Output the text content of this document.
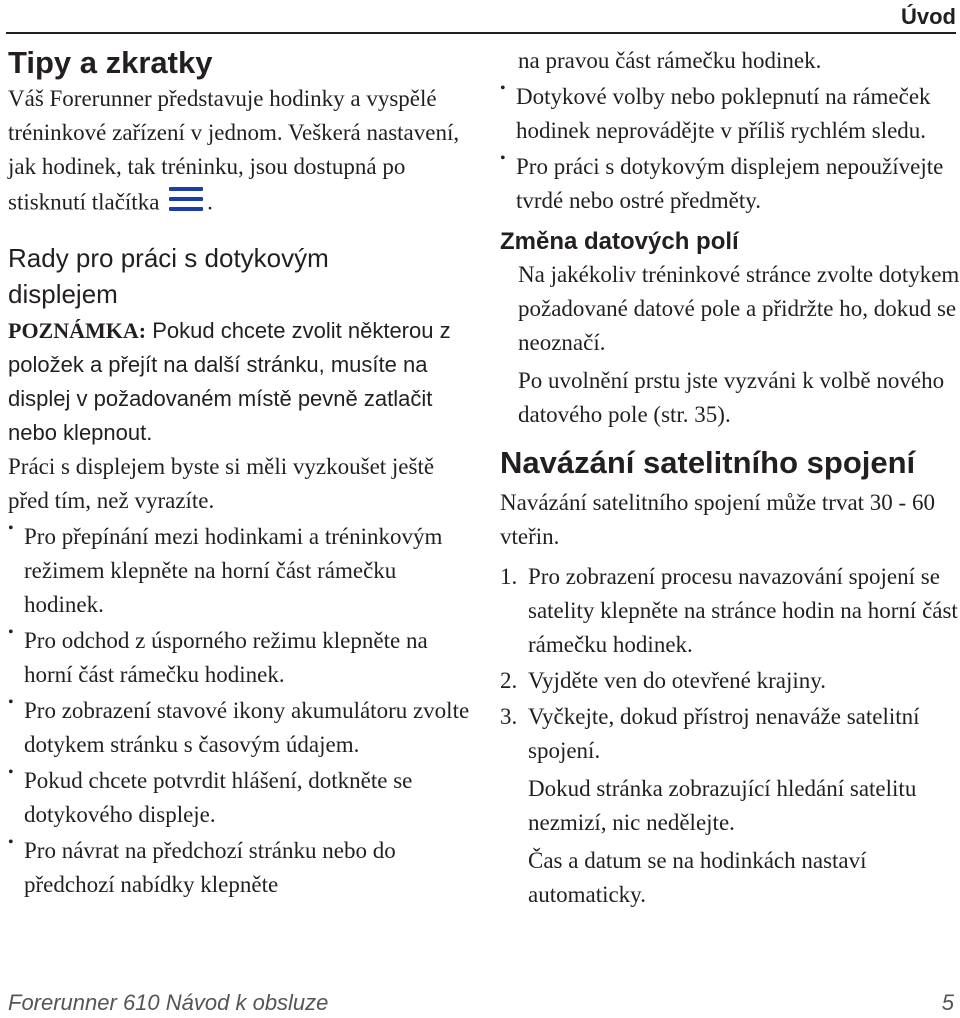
Úvod
Tipy a zkratky

Váš Forerunner představuje hodinky a vyspělé tréninkové zařízení v jednom. Veškerá nastavení, jak hodinek, tak tréninku, jsou dostupná po stisknutí tlačítka .

Rady pro práci s dotykovým
displejem

POZNÁMKA: Pokud chcete zvolit některou z položek a přejít na další stránku, musíte na displej v požadovaném místě pevně zatlačit nebo klepnout.

Práci s displejem byste si měli vyzkoušet ještě před tím, než vyrazíte.

• Pro přepínání mezi hodinkami a tréninkovým režimem klepněte na horní část rámečku hodinek.

• Pro odchod z úsporného režimu klepněte na horní část rámečku hodinek.

• Pro zobrazení stavové ikony akumulátoru zvolte dotykem stránku s časovým údajem.

• Pokud chcete potvrdit hlášení, dotkněte se dotykového displeje.

• Pro návrat na předchozí stránku nebo do předchozí nabídky klepněte

na pravou část rámečku hodinek.

• Dotykové volby nebo poklepnutí na rámeček hodinek neprovádějte v příliš rychlém sledu.

• Pro práci s dotykovým displejem nepoužívejte tvrdé nebo ostré předměty.

Změna datových polí

Na jakékoliv tréninkové stránce zvolte dotykem požadované datové pole a přidržte ho, dokud se neoznačí.

Po uvolnění prstu jste vyzváni k volbě nového datového pole (str. 35).

Navázání satelitního spojení

Navázání satelitního spojení může trvat 30 - 60 vteřin.

1. Pro zobrazení procesu navazování spojení se satelity klepněte na stránce hodin na horní část rámečku hodinek.

2. Vyjděte ven do otevřené krajiny.

3. Vyčkejte, dokud přístroj nenaváže satelitní spojení.

Dokud stránka zobrazující hledání satelitu nezmizí, nic nedělejte.

Čas a datum se na hodinkách nastaví automaticky.

Forerunner 610 Návod k obsluze	5
